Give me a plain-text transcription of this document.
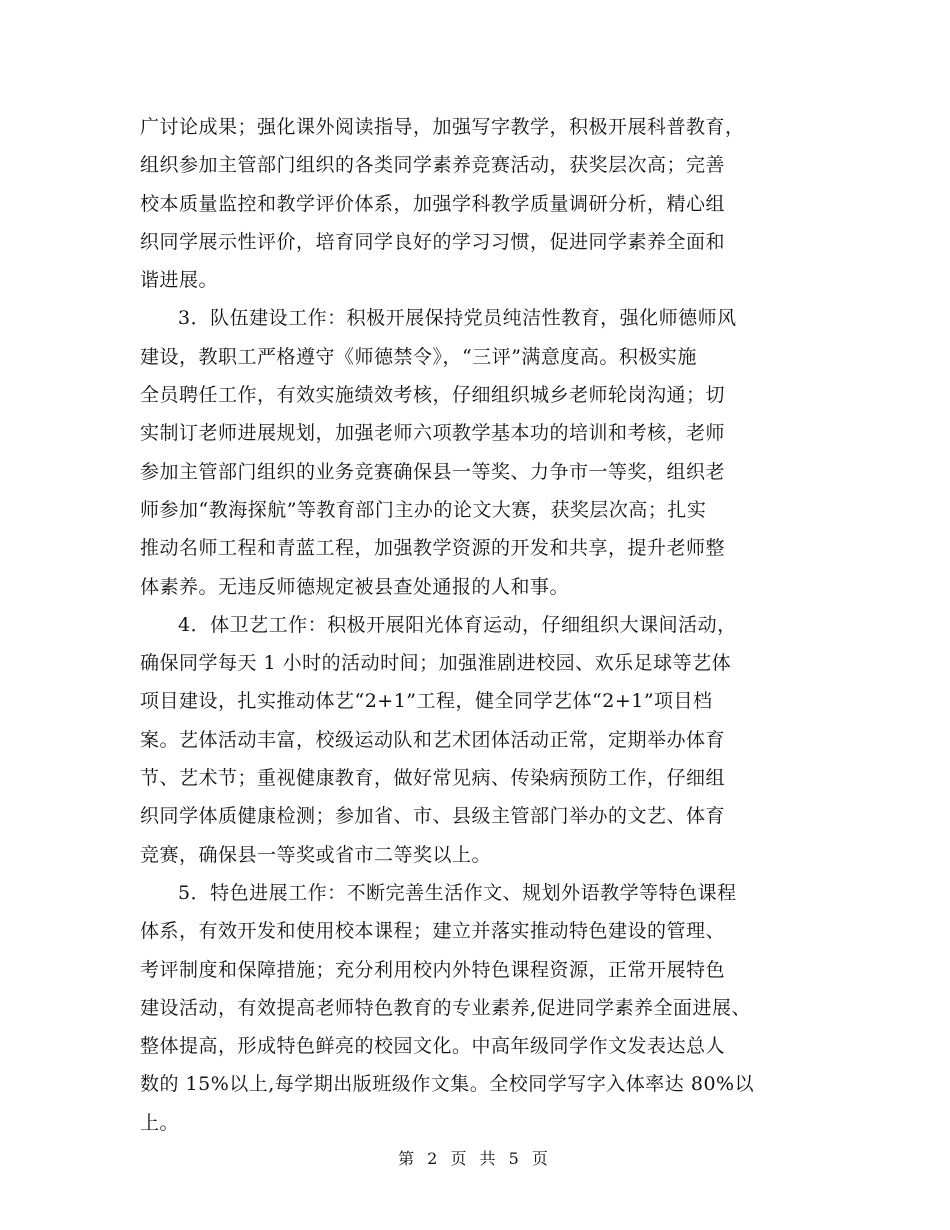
广讨论成果；强化课外阅读指导，加强写字教学，积极开展科普教育，
组织参加主管部门组织的各类同学素养竞赛活动，获奖层次高；完善
校本质量监控和教学评价体系，加强学科教学质量调研分析，精心组
织同学展示性评价，培育同学良好的学习习惯，促进同学素养全面和
谐进展。
3．队伍建设工作：积极开展保持党员纯洁性教育，强化师德师风
建设，教职工严格遵守《师德禁令》，“三评”满意度高。积极实施
全员聘任工作，有效实施绩效考核，仔细组织城乡老师轮岗沟通；切
实制订老师进展规划，加强老师六项教学基本功的培训和考核，老师
参加主管部门组织的业务竞赛确保县一等奖、力争市一等奖，组织老
师参加“教海探航”等教育部门主办的论文大赛，获奖层次高；扎实
推动名师工程和青蓝工程，加强教学资源的开发和共享，提升老师整
体素养。无违反师德规定被县查处通报的人和事。
4．体卫艺工作：积极开展阳光体育运动，仔细组织大课间活动，
确保同学每天 1 小时的活动时间；加强淮剧进校园、欢乐足球等艺体
项目建设，扎实推动体艺“2+1”工程，健全同学艺体“2+1”项目档
案。艺体活动丰富，校级运动队和艺术团体活动正常，定期举办体育
节、艺术节；重视健康教育，做好常见病、传染病预防工作，仔细组
织同学体质健康检测；参加省、市、县级主管部门举办的文艺、体育
竞赛，确保县一等奖或省市二等奖以上。
5．特色进展工作：不断完善生活作文、规划外语教学等特色课程
体系，有效开发和使用校本课程；建立并落实推动特色建设的管理、
考评制度和保障措施；充分利用校内外特色课程资源，正常开展特色
建设活动，有效提高老师特色教育的专业素养,促进同学素养全面进展、
整体提高，形成特色鲜亮的校园文化。中高年级同学作文发表达总人
数的 15%以上,每学期出版班级作文集。全校同学写字入体率达 80%以
上。
第 2 页 共 5 页
